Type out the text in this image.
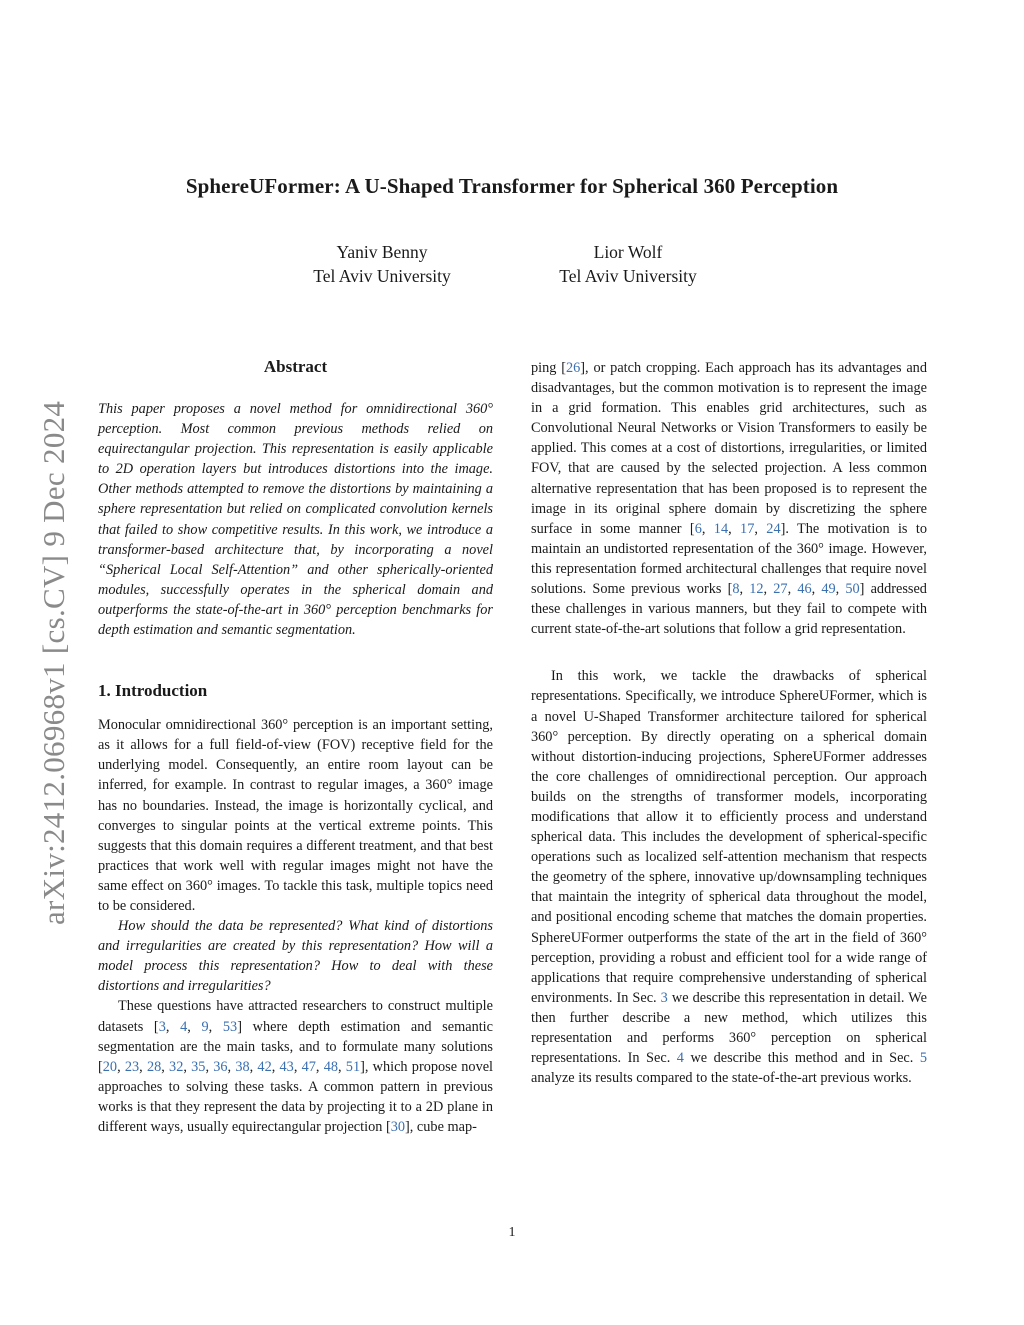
SphereUFormer: A U-Shaped Transformer for Spherical 360 Perception
Yaniv Benny
Tel Aviv University
Lior Wolf
Tel Aviv University
arXiv:2412.06968v1 [cs.CV] 9 Dec 2024
Abstract

This paper proposes a novel method for omnidirectional 360° perception. Most common previous methods relied on equirectangular projection. This representation is easily applicable to 2D operation layers but introduces distortions into the image. Other methods attempted to remove the distortions by maintaining a sphere representation but relied on complicated convolution kernels that failed to show competitive results. In this work, we introduce a transformer-based architecture that, by incorporating a novel “Spherical Local Self-Attention” and other spherically-oriented modules, successfully operates in the spherical domain and outperforms the state-of-the-art in 360° perception benchmarks for depth estimation and semantic segmentation.

1. Introduction

Monocular omnidirectional 360° perception is an important setting, as it allows for a full field-of-view (FOV) receptive field for the underlying model. Consequently, an entire room layout can be inferred, for example. In contrast to regular images, a 360° image has no boundaries. Instead, the image is horizontally cyclical, and converges to singular points at the vertical extreme points. This suggests that this domain requires a different treatment, and that best practices that work well with regular images might not have the same effect on 360° images. To tackle this task, multiple topics need to be considered.

How should the data be represented? What kind of distortions and irregularities are created by this representation? How will a model process this representation? How to deal with these distortions and irregularities?

These questions have attracted researchers to construct multiple datasets [3, 4, 9, 53] where depth estimation and semantic segmentation are the main tasks, and to formulate many solutions [20, 23, 28, 32, 35, 36, 38, 42, 43, 47, 48, 51], which propose novel approaches to solving these tasks. A common pattern in previous works is that they represent the data by projecting it to a 2D plane in different ways, usually equirectangular projection [30], cube map-

ping [26], or patch cropping. Each approach has its advantages and disadvantages, but the common motivation is to represent the image in a grid formation. This enables grid architectures, such as Convolutional Neural Networks or Vision Transformers to easily be applied. This comes at a cost of distortions, irregularities, or limited FOV, that are caused by the selected projection. A less common alternative representation that has been proposed is to represent the image in its original sphere domain by discretizing the sphere surface in some manner [6, 14, 17, 24]. The motivation is to maintain an undistorted representation of the 360° image. However, this representation formed architectural challenges that require novel solutions. Some previous works [8, 12, 27, 46, 49, 50] addressed these challenges in various manners, but they fail to compete with current state-of-the-art solutions that follow a grid representation.

In this work, we tackle the drawbacks of spherical representations. Specifically, we introduce SphereUFormer, which is a novel U-Shaped Transformer architecture tailored for spherical 360° perception. By directly operating on a spherical domain without distortion-inducing projections, SphereUFormer addresses the core challenges of omnidirectional perception. Our approach builds on the strengths of transformer models, incorporating modifications that allow it to efficiently process and understand spherical data. This includes the development of spherical-specific operations such as localized self-attention mechanism that respects the geometry of the sphere, innovative up/downsampling techniques that maintain the integrity of spherical data throughout the model, and positional encoding scheme that matches the domain properties. SphereUFormer outperforms the state of the art in the field of 360° perception, providing a robust and efficient tool for a wide range of applications that require comprehensive understanding of spherical environments. In Sec. 3 we describe this representation in detail. We then further describe a new method, which utilizes this representation and performs 360° perception on spherical representations. In Sec. 4 we describe this method and in Sec. 5 analyze its results compared to the state-of-the-art previous works.

1
